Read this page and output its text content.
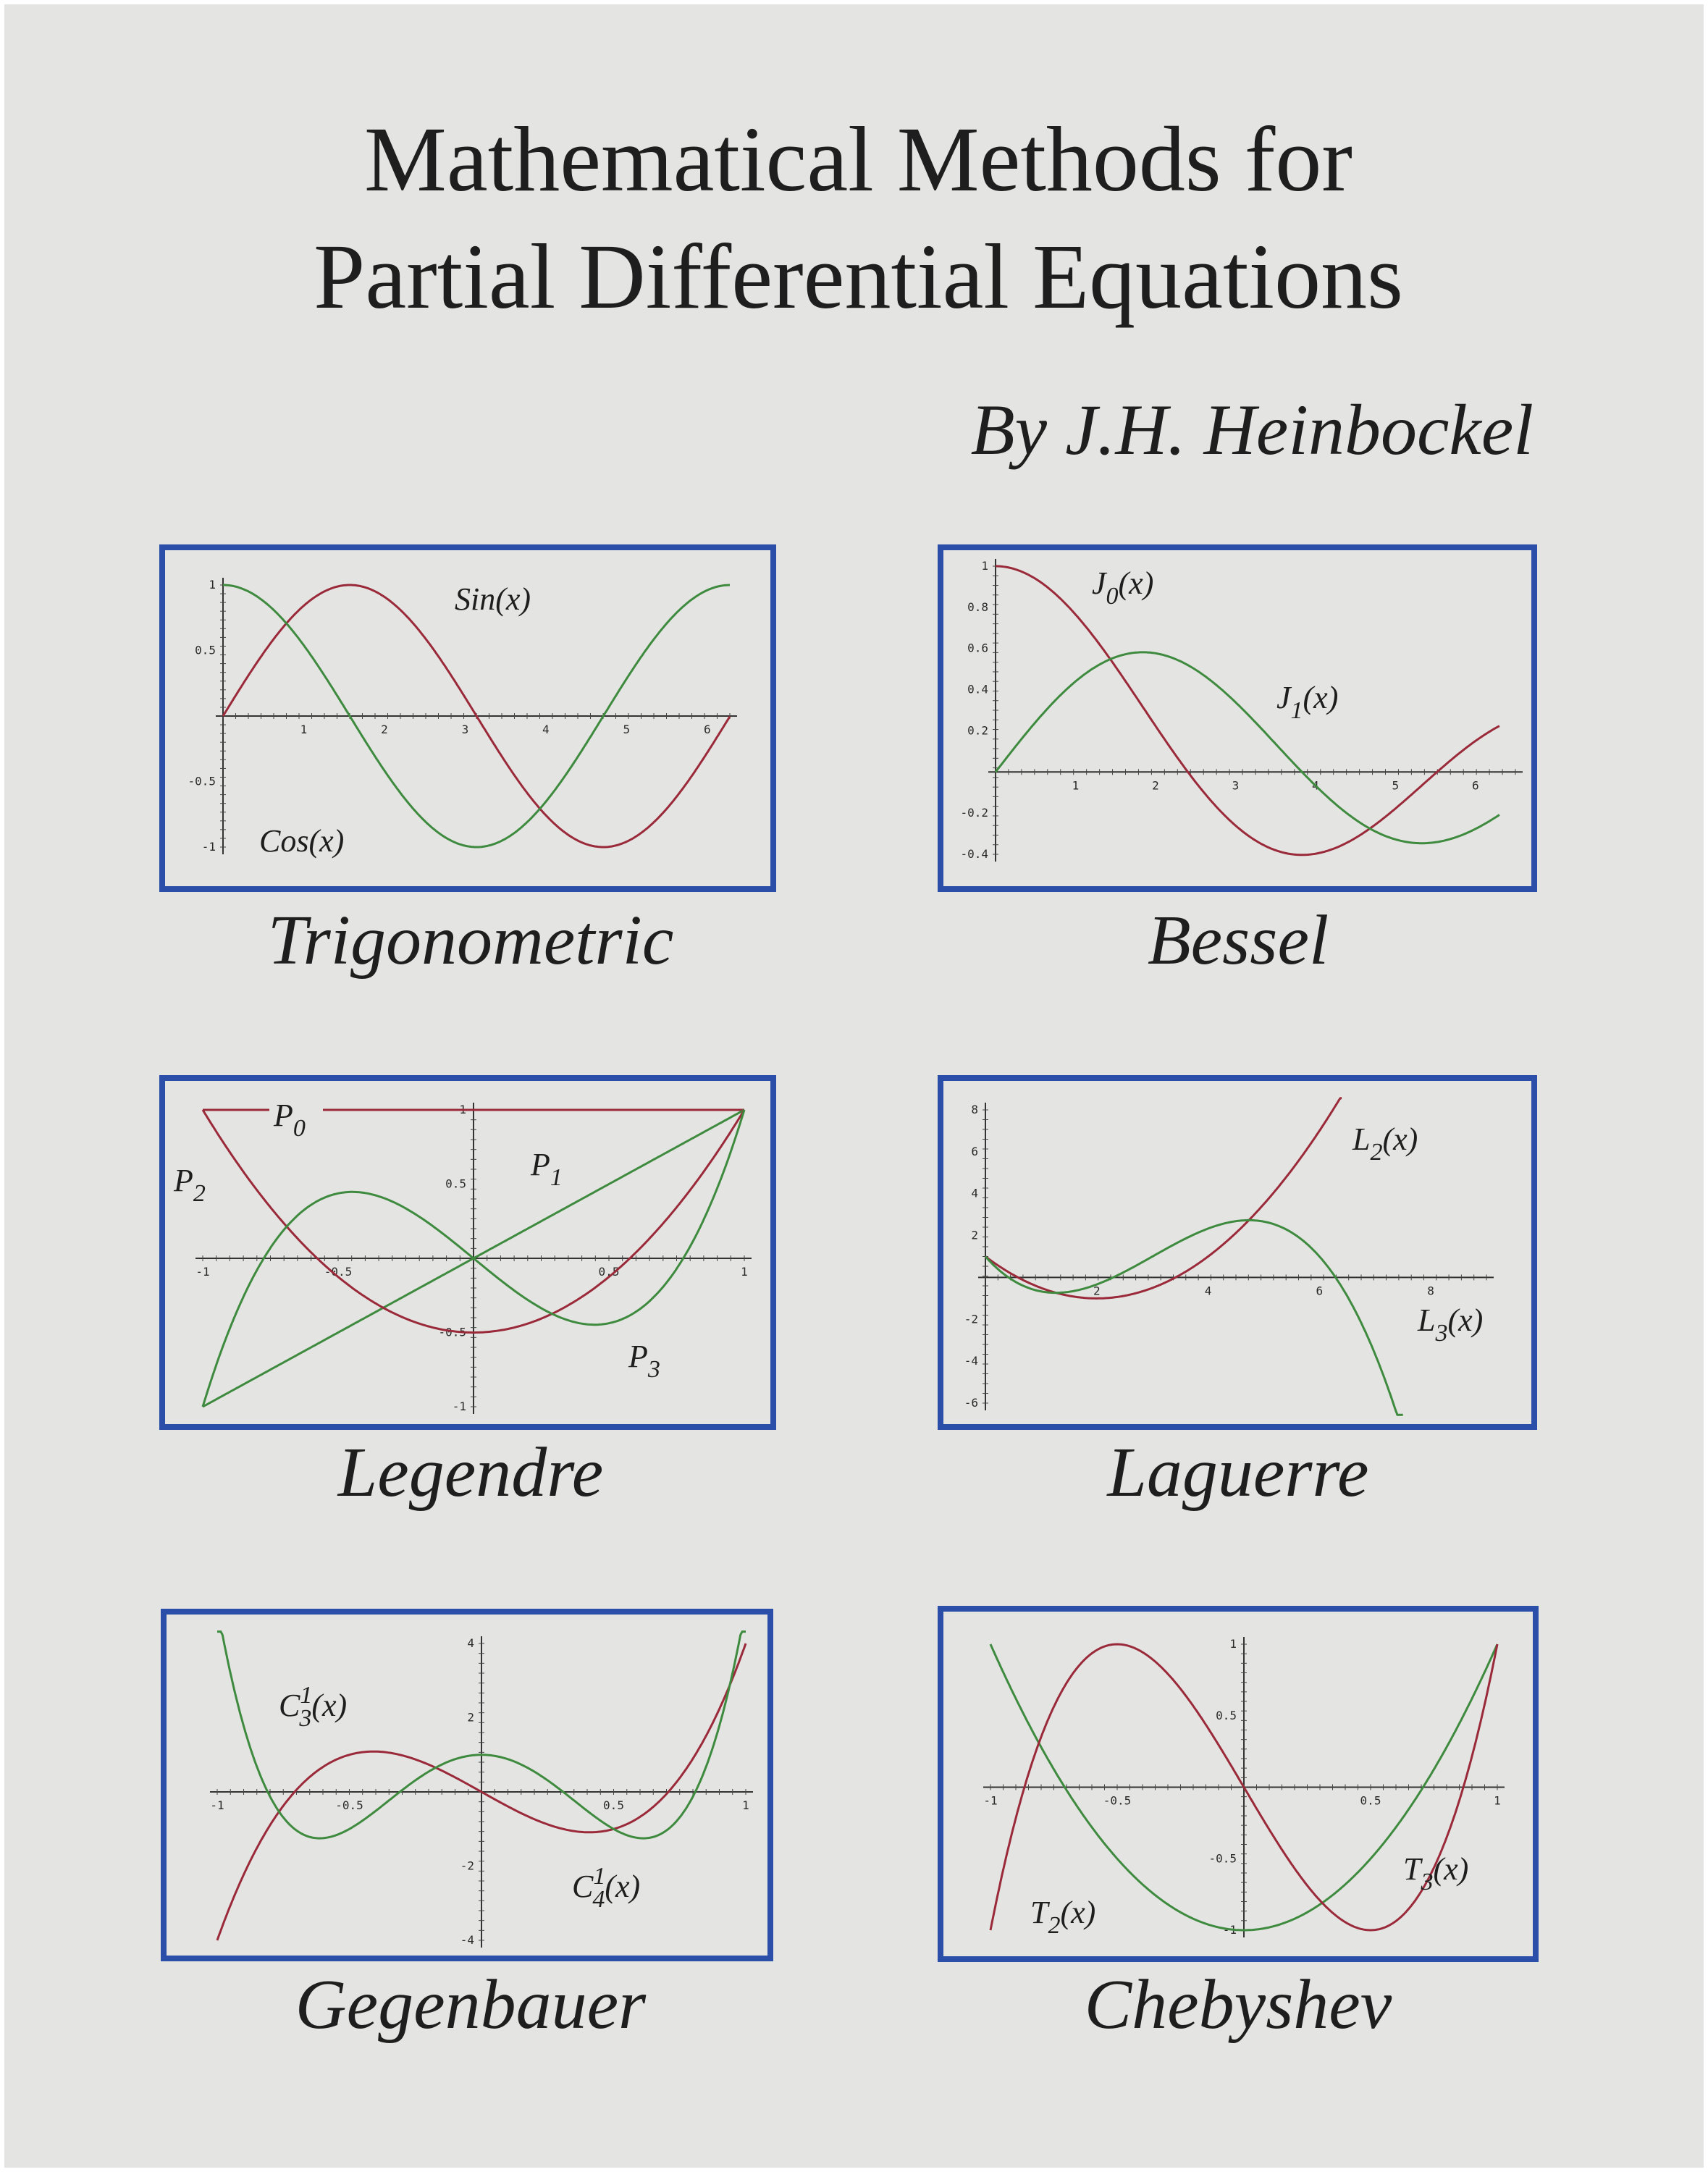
Mathematical Methods for
Partial Differential Equations
By J.H. Heinbockel
1	2	3	4	5	6
1
0.5
-0.5
-1
Sin(x)
Cos(x)
Trigonometric
1	2	3	4	5	6
1
0.8
0.6
0.4
0.2
-0.2
-0.4
$J_0(x)$
$J_1(x)$
Bessel
-1	-0.5	0.5	1
1
0.5
-0.5
-1
$P_0$
$P_1$
$P_2$
$P_3$
Legendre
2	4	6	8
8
6
4
2
-2
-4
-6
$L_2(x)$
$L_3(x)$
Laguerre
-1	-0.5	0.5	1
4
2
-2
-4
$C^1$ 3(x)
$C^1$ 4(x)
Gegenbauer
-1	-0.5	0.5	1
1
0.5
-0.5
-1
$T_2(x)$
$T_3(x)$
Chebyshev
